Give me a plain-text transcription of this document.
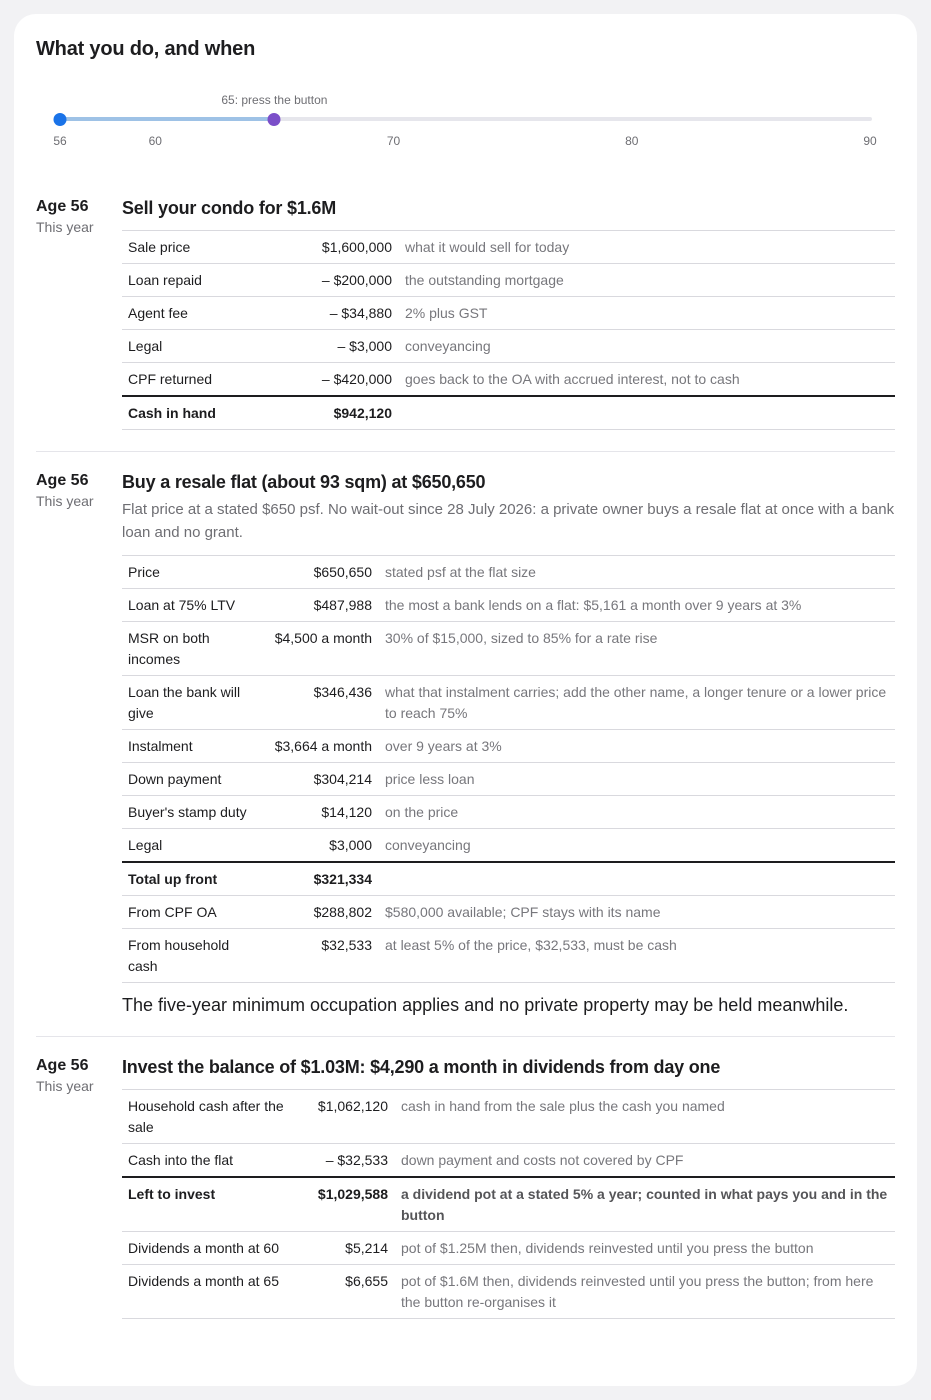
What you do, and when
65: press the button
56	60	70	80	90
Age 56
This year
Sell your condo for $1.6M
Sale price	$1,600,000	what it would sell for today
Loan repaid	– $200,000	the outstanding mortgage
Agent fee	– $34,880	2% plus GST
Legal	– $3,000	conveyancing
CPF returned	– $420,000	goes back to the OA with accrued interest, not to cash
Cash in hand	$942,120	
Age 56
This year
Buy a resale flat (about 93 sqm) at $650,650
Flat price at a stated $650 psf. No wait-out since 28 July 2026: a private owner buys a resale flat at once with a bank loan and no grant.
Price	$650,650	stated psf at the flat size
Loan at 75% LTV	$487,988	the most a bank lends on a flat: $5,161 a month over 9 years at 3%
MSR on both incomes	$4,500 a month	30% of $15,000, sized to 85% for a rate rise
Loan the bank will give	$346,436	what that instalment carries; add the other name, a longer tenure or a lower price to reach 75%
Instalment	$3,664 a month	over 9 years at 3%
Down payment	$304,214	price less loan
Buyer's stamp duty	$14,120	on the price
Legal	$3,000	conveyancing
Total up front	$321,334	
From CPF OA	$288,802	$580,000 available; CPF stays with its name
From household cash	$32,533	at least 5% of the price, $32,533, must be cash
The five-year minimum occupation applies and no private property may be held meanwhile.
Age 56
This year
Invest the balance of $1.03M: $4,290 a month in dividends from day one
Household cash after the sale	$1,062,120	cash in hand from the sale plus the cash you named
Cash into the flat	– $32,533	down payment and costs not covered by CPF
Left to invest	$1,029,588	a dividend pot at a stated 5% a year; counted in what pays you and in the button
Dividends a month at 60	$5,214	pot of $1.25M then, dividends reinvested until you press the button
Dividends a month at 65	$6,655	pot of $1.6M then, dividends reinvested until you press the button; from here the button re-organises it
